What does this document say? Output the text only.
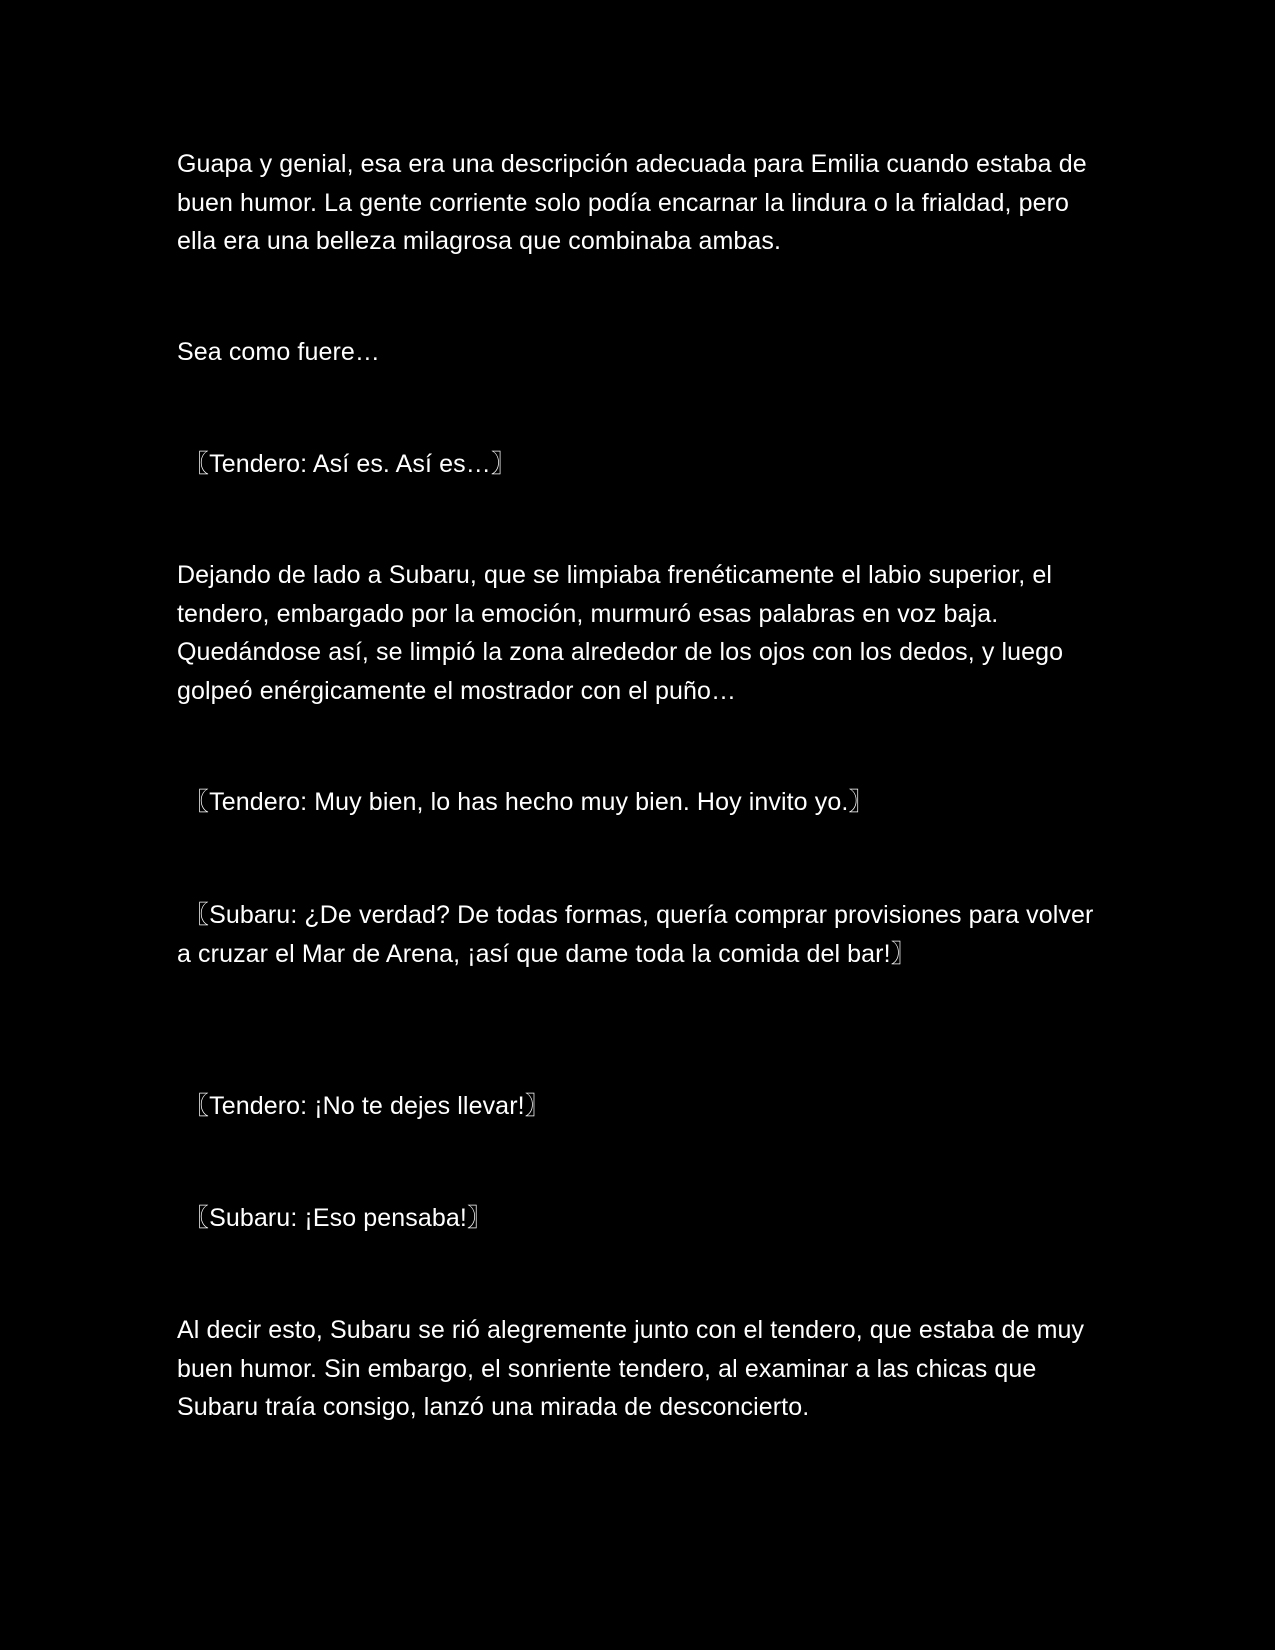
Guapa y genial, esa era una descripción adecuada para Emilia cuando estaba de buen humor. La gente corriente solo podía encarnar la lindura o la frialdad, pero ella era una belleza milagrosa que combinaba ambas.

Sea como fuere…

〖Tendero: Así es. Así es…〗

Dejando de lado a Subaru, que se limpiaba frenéticamente el labio superior, el tendero, embargado por la emoción, murmuró esas palabras en voz baja. Quedándose así, se limpió la zona alrededor de los ojos con los dedos, y luego golpeó enérgicamente el mostrador con el puño…

〖Tendero: Muy bien, lo has hecho muy bien. Hoy invito yo.〗

〖Subaru: ¿De verdad? De todas formas, quería comprar provisiones para volver a cruzar el Mar de Arena, ¡así que dame toda la comida del bar!〗

〖Tendero: ¡No te dejes llevar!〗

〖Subaru: ¡Eso pensaba!〗

Al decir esto, Subaru se rió alegremente junto con el tendero, que estaba de muy buen humor. Sin embargo, el sonriente tendero, al examinar a las chicas que Subaru traía consigo, lanzó una mirada de desconcierto.
